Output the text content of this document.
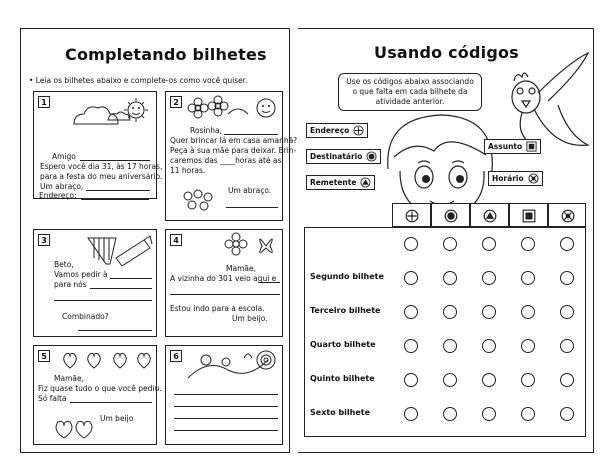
Completando bilhetes
• Leia os bilhetes abaixo e complete-os como você quiser.
1
Amigo
Espero você dia 31, às 17 horas,
para a festa do meu aniversário.
Um abraço,
Endereço:
2
Rosinha,
Quer brincar lá em casa amanhã?
Peça à sua mãe para deixar. Brin-
caremos das ____horas até as
11 horas.
Um abraço.
3
Beto,
Vamos pedir à
para nós
Combinado?
4
Mamãe,
A vizinha do 301 veio aqui e
Estou indo para a escola.
Um beijo.
5
Mamãe,
Fiz quase tudo o que você pediu.
Só falta
Um beijo
6
Usando códigos
Use os códigos abaixo associando o que falta em cada bilhete da atividade anterior.
Endereço
Destinatário
Remetente
Assunto
Horário
Segundo bilhete
Terceiro bilhete
Quarto bilhete
Quinto bilhete
Sexto bilhete
